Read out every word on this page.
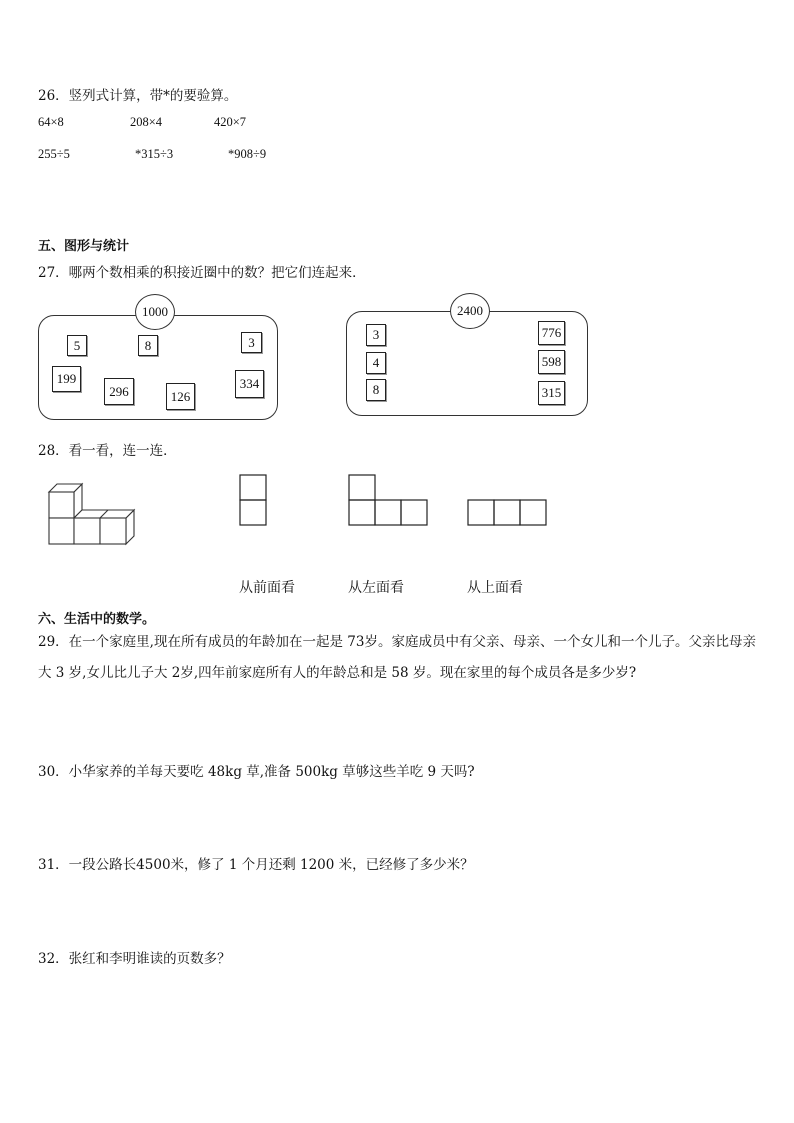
26．竖列式计算，带*的要验算。
64×8	208×4	420×7
255÷5	*315÷3	*908÷9
五、图形与统计
27．哪两个数相乘的积接近圈中的数？把它们连起来．
1000
5	8	3
199
296	126
334
2400
3
4
8
776
598
315
28．看一看，连一连．
从前面看	从左面看	从上面看
六、生活中的数学。
29．在一个家庭里,现在所有成员的年龄加在一起是 73岁。家庭成员中有父亲、母亲、一个女儿和一个儿子。父亲比母亲大 3 岁,女儿比儿子大 2岁,四年前家庭所有人的年龄总和是 58 岁。现在家里的每个成员各是多少岁?
30．小华家养的羊每天要吃 48kg 草,准备 500kg 草够这些羊吃 9 天吗?
31．一段公路长4500米，修了 1 个月还剩 1200 米，已经修了多少米？
32．张红和李明谁读的页数多？
